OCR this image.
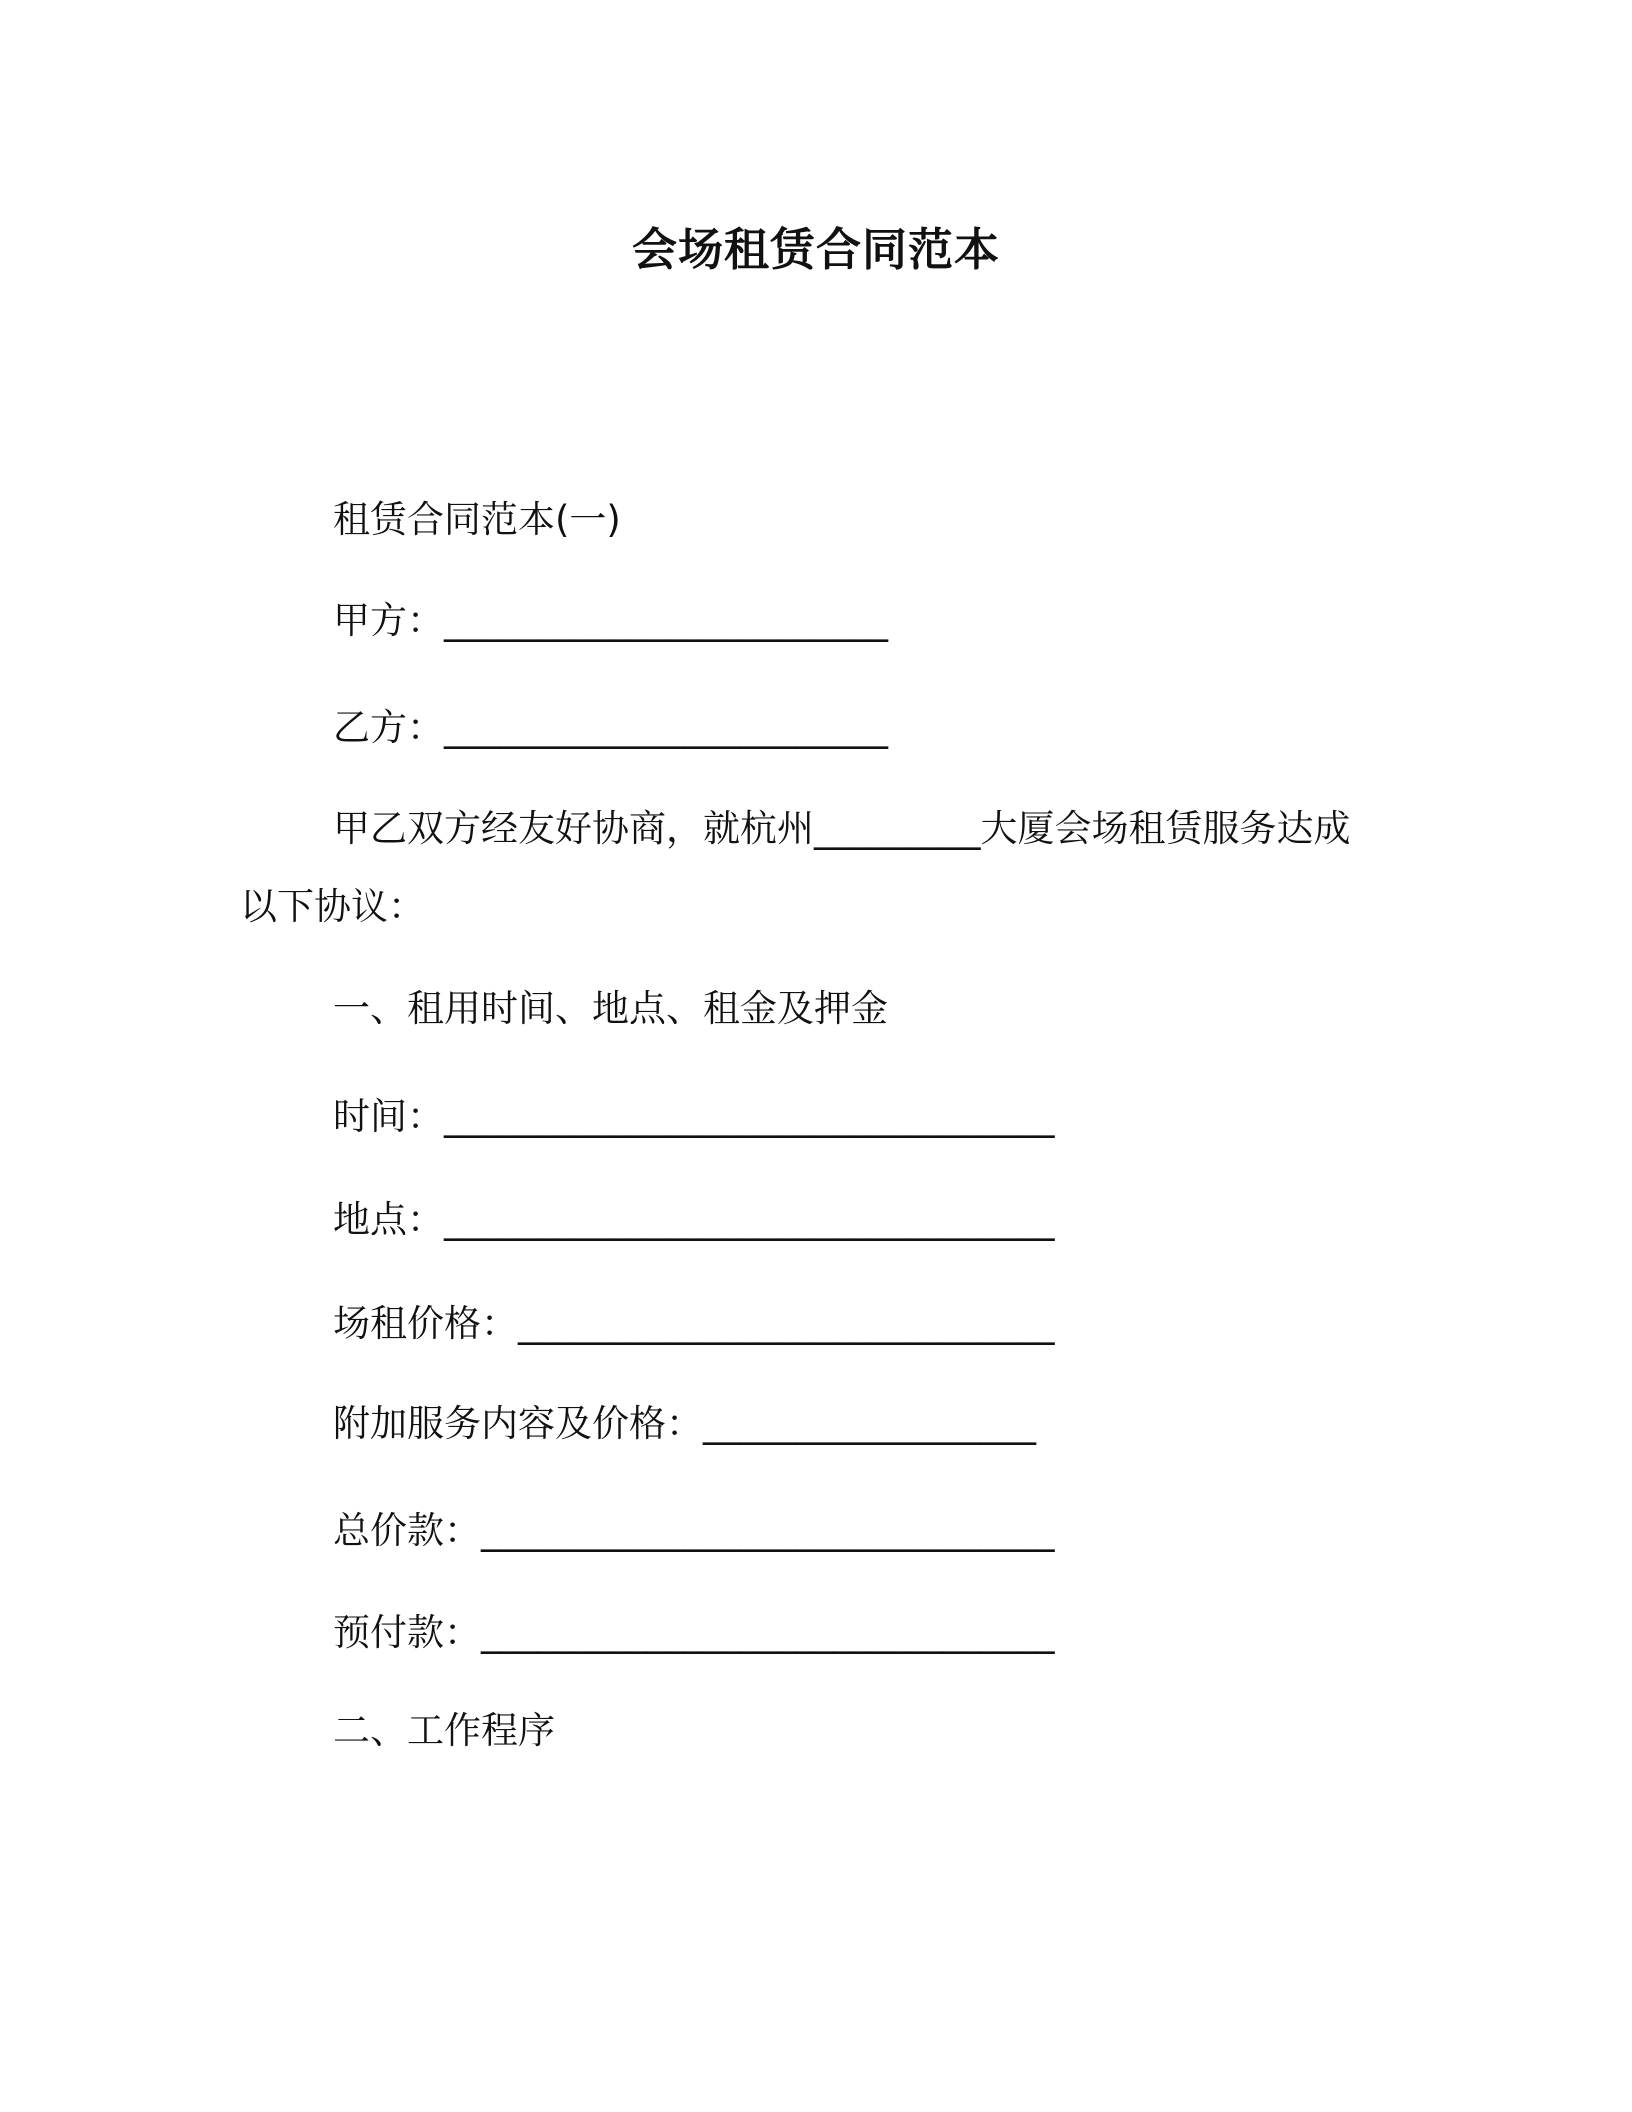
会场租赁合同范本
租赁合同范本(一)
甲方：________________________
乙方：________________________
甲乙双方经友好协商，就杭州_________大厦会场租赁服务达成
以下协议：
一、租用时间、地点、租金及押金
时间：_________________________________
地点：_________________________________
场租价格：_____________________________
附加服务内容及价格：__________________
总价款：_______________________________
预付款：_______________________________
二、工作程序
